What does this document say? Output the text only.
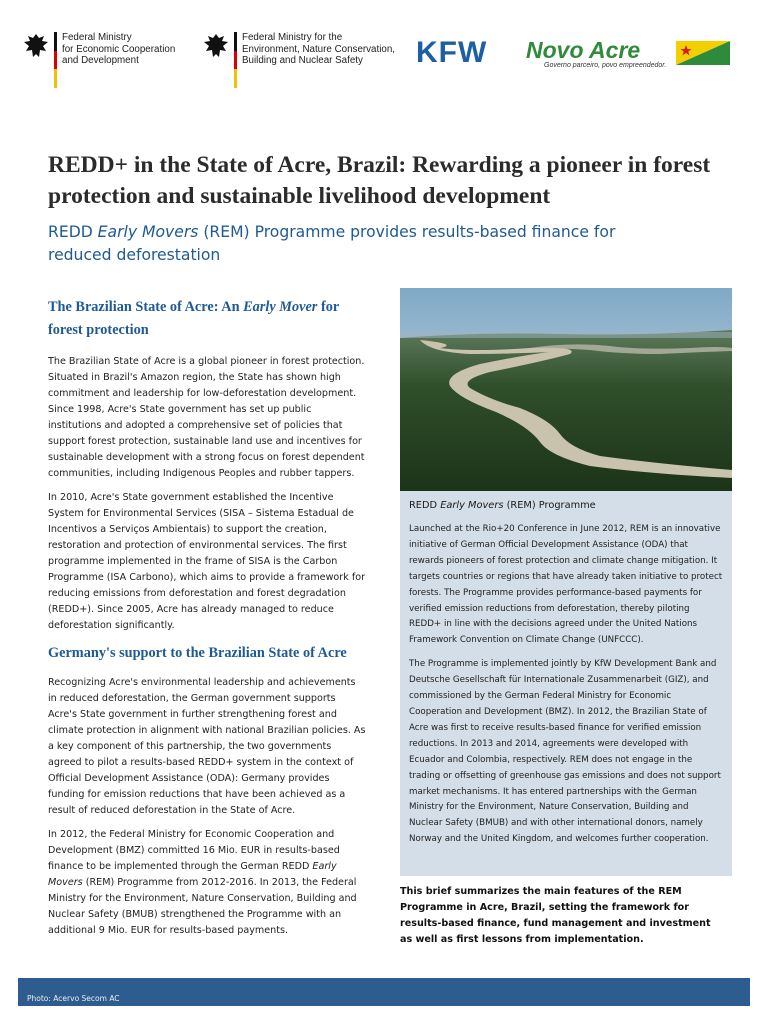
Federal Ministry
for Economic Cooperation
and Development
Federal Ministry for the
Environment, Nature Conservation,
Building and Nuclear Safety	KFW Novo Acre
Governo parceiro, povo empreendedor.
REDD+ in the State of Acre, Brazil: Rewarding a pioneer in forest protection and sustainable livelihood development
REDD Early Movers (REM) Programme provides results-based finance for reduced deforestation
The Brazilian State of Acre: An Early Mover for forest protection

The Brazilian State of Acre is a global pioneer in forest protection. Situated in Brazil's Amazon region, the State has shown high commitment and leadership for low-deforestation development. Since 1998, Acre's State government has set up public institutions and adopted a comprehensive set of policies that support forest protection, sustainable land use and incentives for sustainable development with a strong focus on forest dependent communities, including Indigenous Peoples and rubber tappers.

In 2010, Acre's State government established the Incentive System for Environmental Services (SISA – Sistema Estadual de Incentivos a Serviços Ambientais) to support the creation, restoration and protection of environmental services. The first programme implemented in the frame of SISA is the Carbon Programme (ISA Carbono), which aims to provide a framework for reducing emissions from deforestation and forest degradation (REDD+). Since 2005, Acre has already managed to reduce deforestation significantly.

Germany's support to the Brazilian State of Acre

Recognizing Acre's environmental leadership and achievements in reduced deforestation, the German government supports Acre's State government in further strengthening forest and climate protection in alignment with national Brazilian policies. As a key component of this partnership, the two governments agreed to pilot a results-based REDD+ system in the context of Official Development Assistance (ODA): Germany provides funding for emission reductions that have been achieved as a result of reduced deforestation in the State of Acre.

In 2012, the Federal Ministry for Economic Cooperation and Development (BMZ) committed 16 Mio. EUR in results-based finance to be implemented through the German REDD Early Movers (REM) Programme from 2012-2016. In 2013, the Federal Ministry for the Environment, Nature Conservation, Building and Nuclear Safety (BMUB) strengthened the Programme with an additional 9 Mio. EUR for results-based payments.

REDD Early Movers (REM) Programme

Launched at the Rio+20 Conference in June 2012, REM is an innovative initiative of German Official Development Assistance (ODA) that rewards pioneers of forest protection and climate change mitigation. It targets countries or regions that have already taken initiative to protect forests. The Programme provides performance-based payments for verified emission reductions from deforestation, thereby piloting REDD+ in line with the decisions agreed under the United Nations Framework Convention on Climate Change (UNFCCC).

The Programme is implemented jointly by KfW Development Bank and Deutsche Gesellschaft für Internationale Zusammenarbeit (GIZ), and commissioned by the German Federal Ministry for Economic Cooperation and Development (BMZ). In 2012, the Brazilian State of Acre was first to receive results-based finance for verified emission reductions. In 2013 and 2014, agreements were developed with Ecuador and Colombia, respectively. REM does not engage in the trading or offsetting of greenhouse gas emissions and does not support market mechanisms. It has entered partnerships with the German Ministry for the Environment, Nature Conservation, Building and Nuclear Safety (BMUB) and with other international donors, namely Norway and the United Kingdom, and welcomes further cooperation.

This brief summarizes the main features of the REM Programme in Acre, Brazil, setting the framework for results-based finance, fund management and investment as well as first lessons from implementation.

Photo: Acervo Secom AC
